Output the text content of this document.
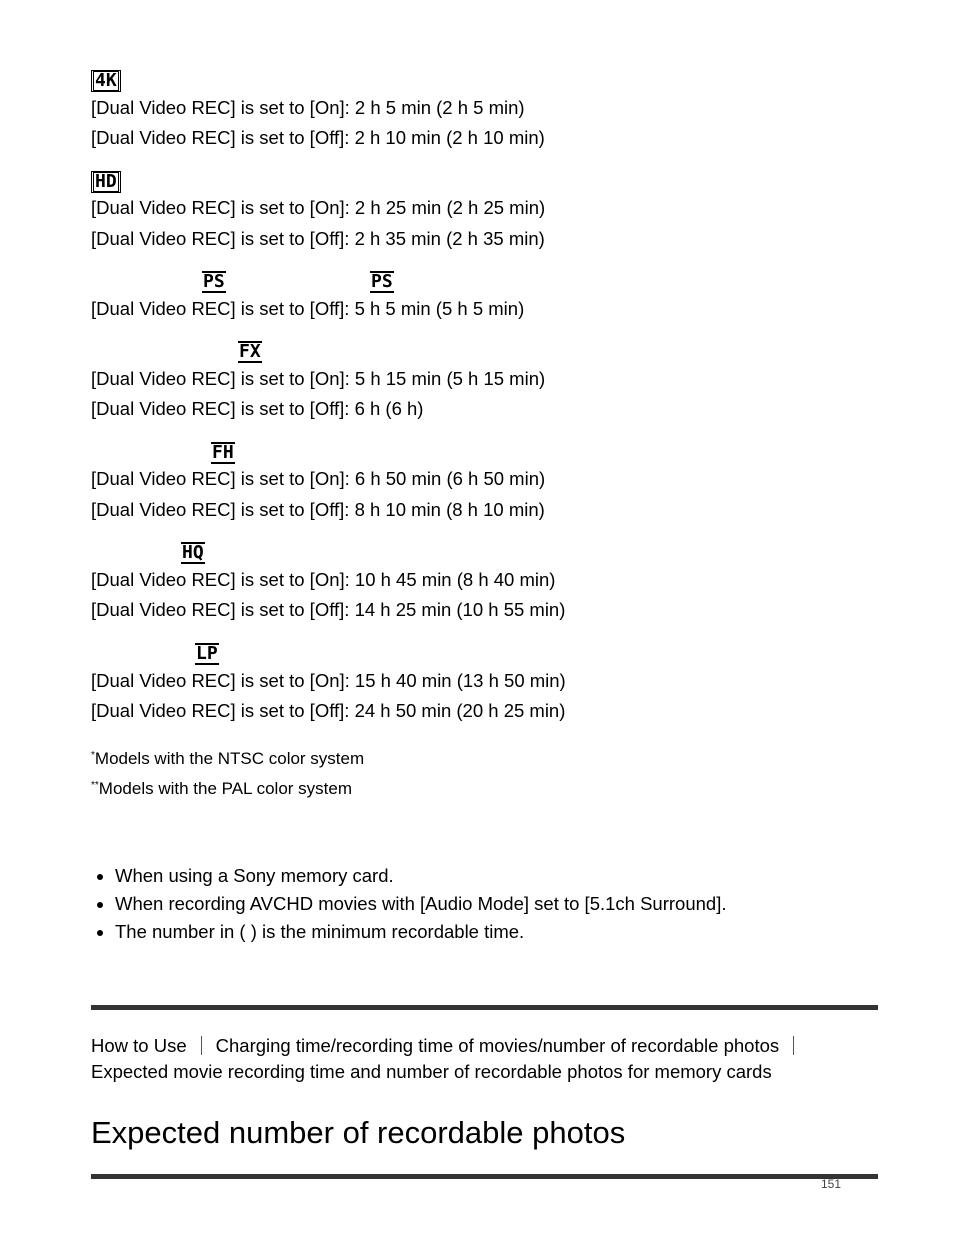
4K
[Dual Video REC] is set to [On]: 2 h 5 min (2 h 5 min)
[Dual Video REC] is set to [Off]: 2 h 10 min (2 h 10 min)
HD
[Dual Video REC] is set to [On]: 2 h 25 min (2 h 25 min)
[Dual Video REC] is set to [Off]: 2 h 35 min (2 h 35 min)
PS	PS
[Dual Video REC] is set to [Off]: 5 h 5 min (5 h 5 min)
FX
[Dual Video REC] is set to [On]: 5 h 15 min (5 h 15 min)
[Dual Video REC] is set to [Off]: 6 h (6 h)
FH
[Dual Video REC] is set to [On]: 6 h 50 min (6 h 50 min)
[Dual Video REC] is set to [Off]: 8 h 10 min (8 h 10 min)
HQ
[Dual Video REC] is set to [On]: 10 h 45 min (8 h 40 min)
[Dual Video REC] is set to [Off]: 14 h 25 min (10 h 55 min)
LP
[Dual Video REC] is set to [On]: 15 h 40 min (13 h 50 min)
[Dual Video REC] is set to [Off]: 24 h 50 min (20 h 25 min)
*Models with the NTSC color system
**Models with the PAL color system
• When using a Sony memory card.
• When recording AVCHD movies with [Audio Mode] set to [5.1ch Surround].
• The number in ( ) is the minimum recordable time.
How to Use Charging time/recording time of movies/number of recordable photosExpected movie recording time and number of recordable photos for memory cards
Expected number of recordable photos
151
